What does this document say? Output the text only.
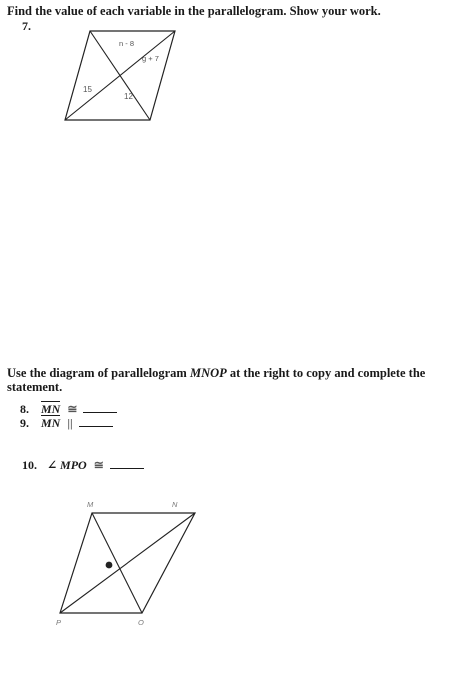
Find the value of each variable in the parallelogram. Show your work.
7.
n - 8
g + 7
15
12
Use the diagram of parallelogram MNOP at the right to copy and complete the
statement.
8. MN ≅
9. MN ||
10. ∠ MPO ≅
M	N
O
P
Q
